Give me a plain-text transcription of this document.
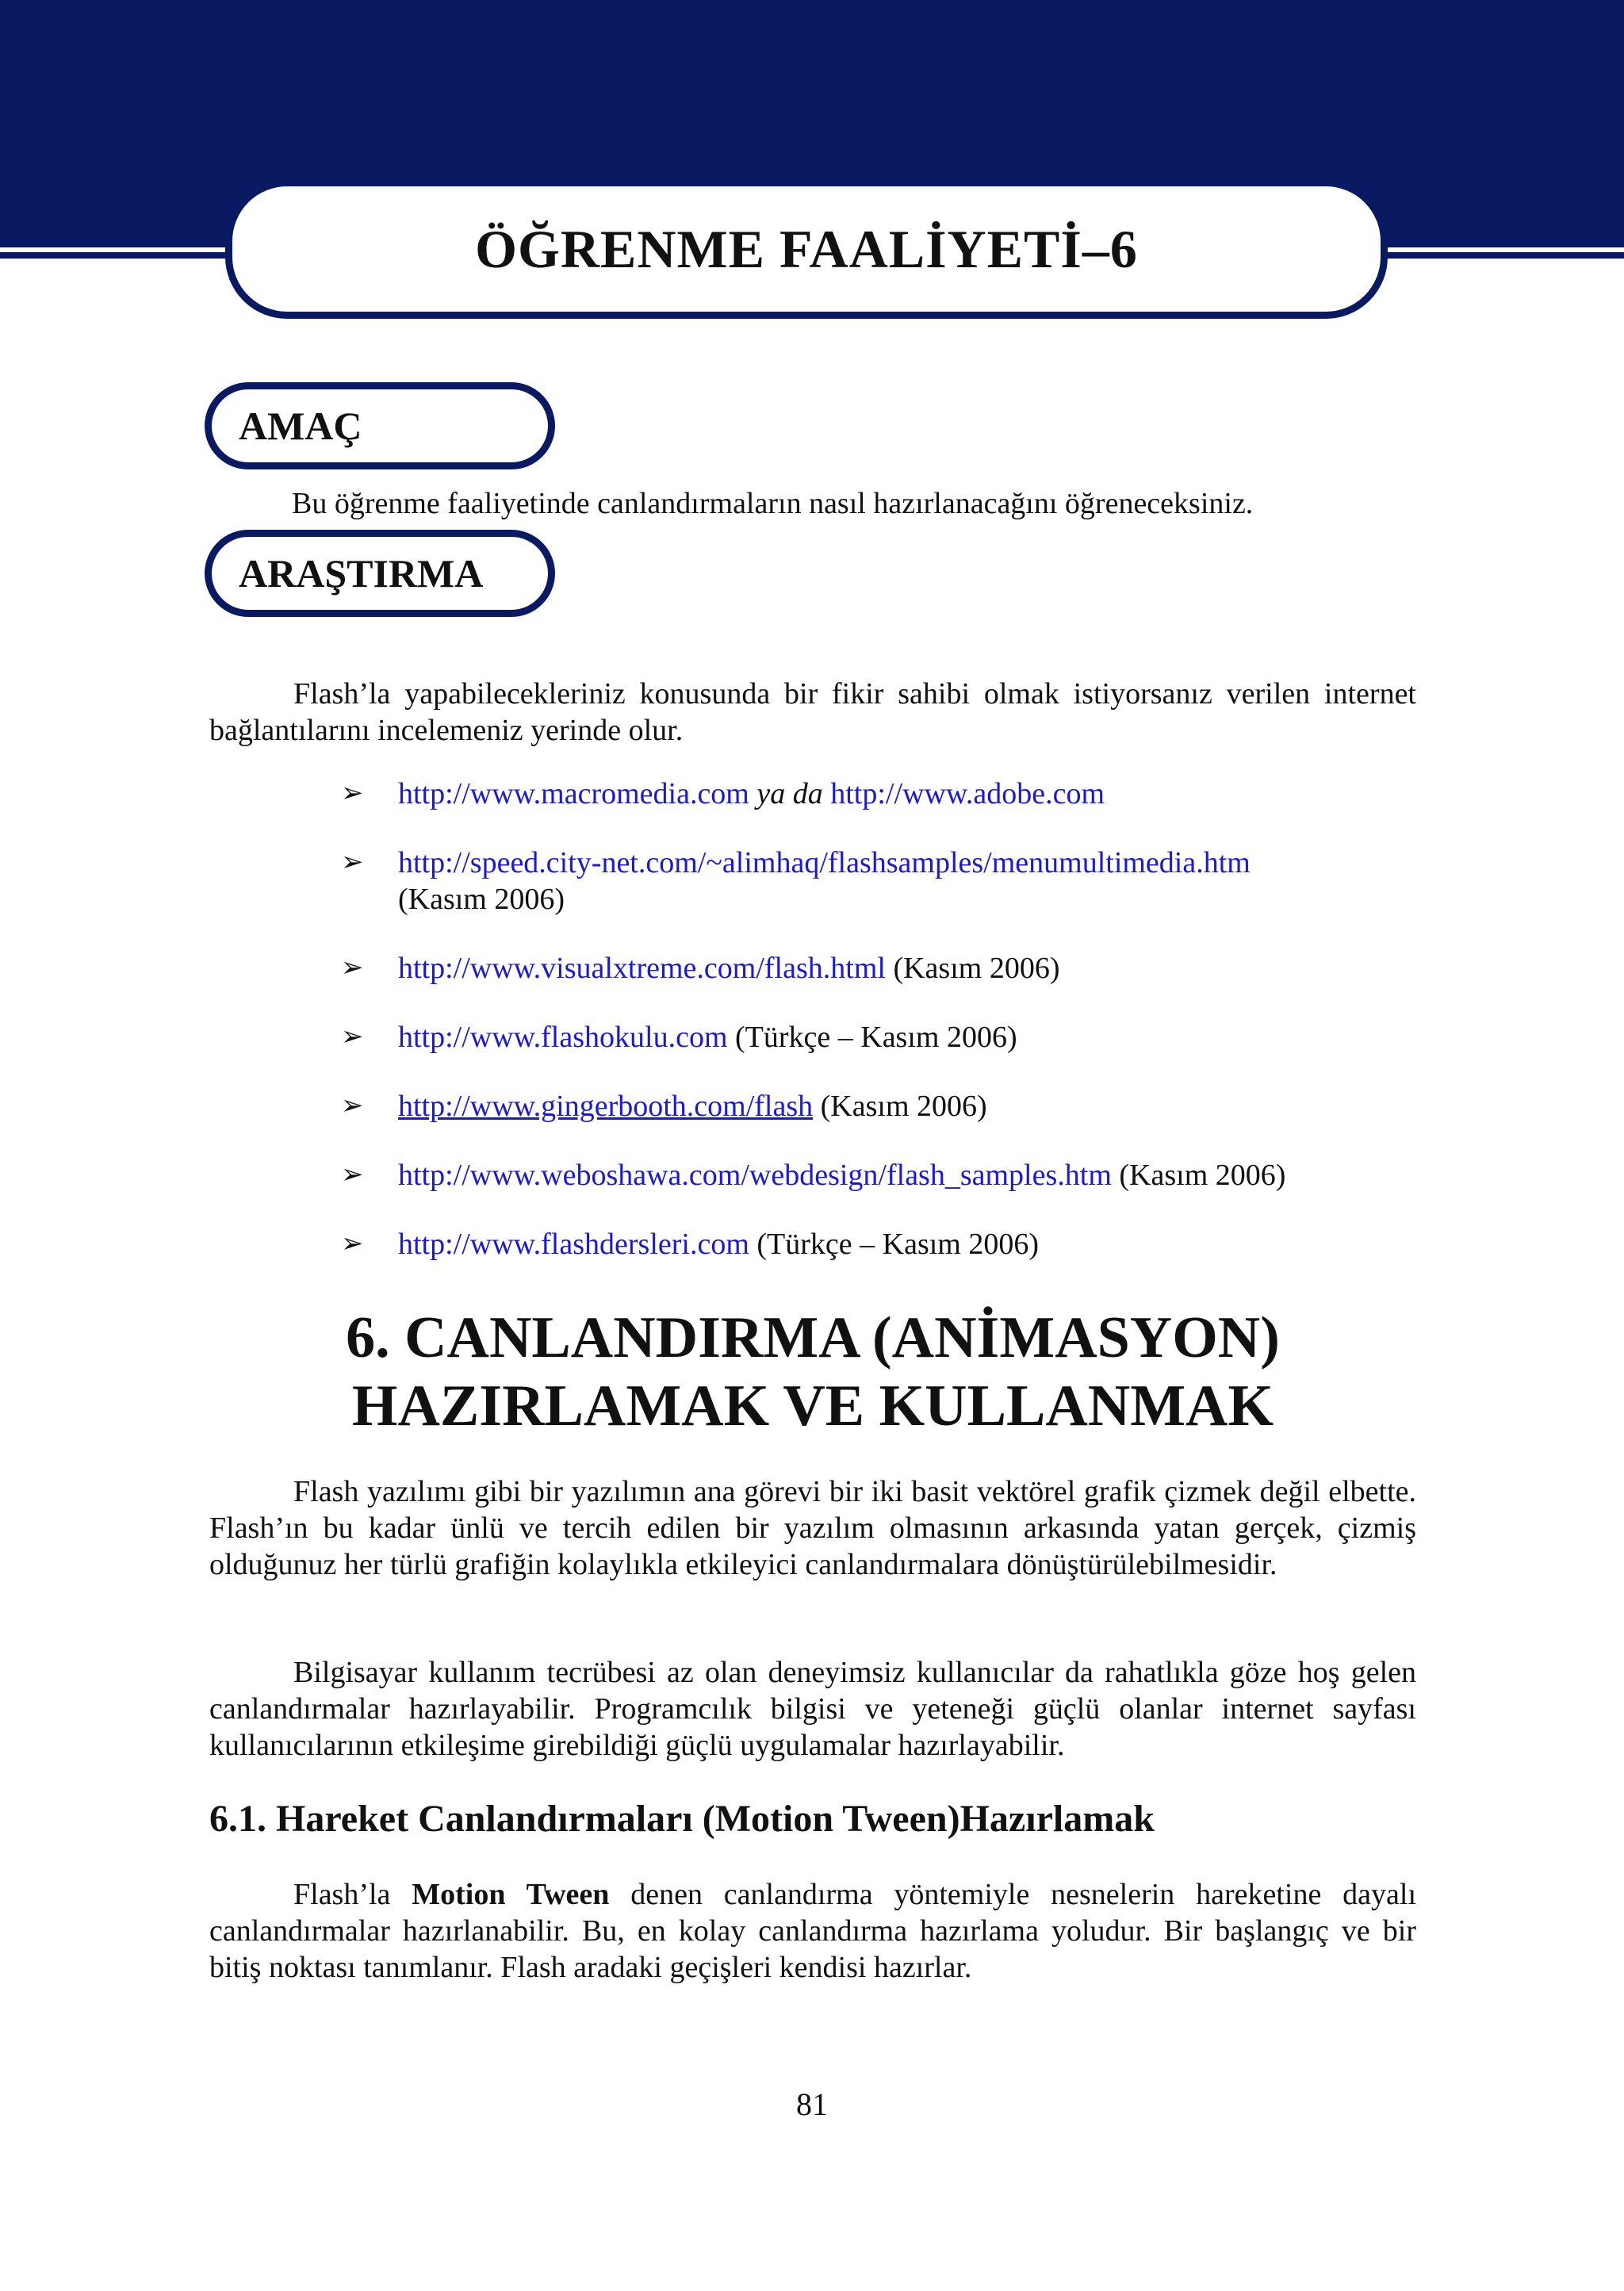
ÖĞRENME FAALİYETİ–6
AMAÇ

Bu öğrenme faaliyetinde canlandırmaların nasıl hazırlanacağını öğreneceksiniz.

ARAŞTIRMA

Flash’la yapabilecekleriniz konusunda bir fikir sahibi olmak istiyorsanız verilen internet bağlantılarını incelemeniz yerinde olur.

➢ http://www.macromedia.com ya da http://www.adobe.com
➢ http://speed.city-net.com/~alimhaq/flashsamples/menumultimedia.htm
(Kasım 2006)
➢ http://www.visualxtreme.com/flash.html (Kasım 2006)
➢ http://www.flashokulu.com (Türkçe – Kasım 2006)
➢ http://www.gingerbooth.com/flash (Kasım 2006)
➢ http://www.weboshawa.com/webdesign/flash_samples.htm (Kasım 2006)
➢ http://www.flashdersleri.com (Türkçe – Kasım 2006)
6. CANLANDIRMA (ANİMASYON)
HAZIRLAMAK VE KULLANMAK

Flash yazılımı gibi bir yazılımın ana görevi bir iki basit vektörel grafik çizmek değil elbette. Flash’ın bu kadar ünlü ve tercih edilen bir yazılım olmasının arkasında yatan gerçek, çizmiş olduğunuz her türlü grafiğin kolaylıkla etkileyici canlandırmalara dönüştürülebilmesidir.

Bilgisayar kullanım tecrübesi az olan deneyimsiz kullanıcılar da rahatlıkla göze hoş gelen canlandırmalar hazırlayabilir. Programcılık bilgisi ve yeteneği güçlü olanlar internet sayfası kullanıcılarının etkileşime girebildiği güçlü uygulamalar hazırlayabilir.

6.1. Hareket Canlandırmaları (Motion Tween)Hazırlamak

Flash’la Motion Tween denen canlandırma yöntemiyle nesnelerin hareketine dayalı canlandırmalar hazırlanabilir. Bu, en kolay canlandırma hazırlama yoludur. Bir başlangıç ve bir bitiş noktası tanımlanır. Flash aradaki geçişleri kendisi hazırlar.

81
